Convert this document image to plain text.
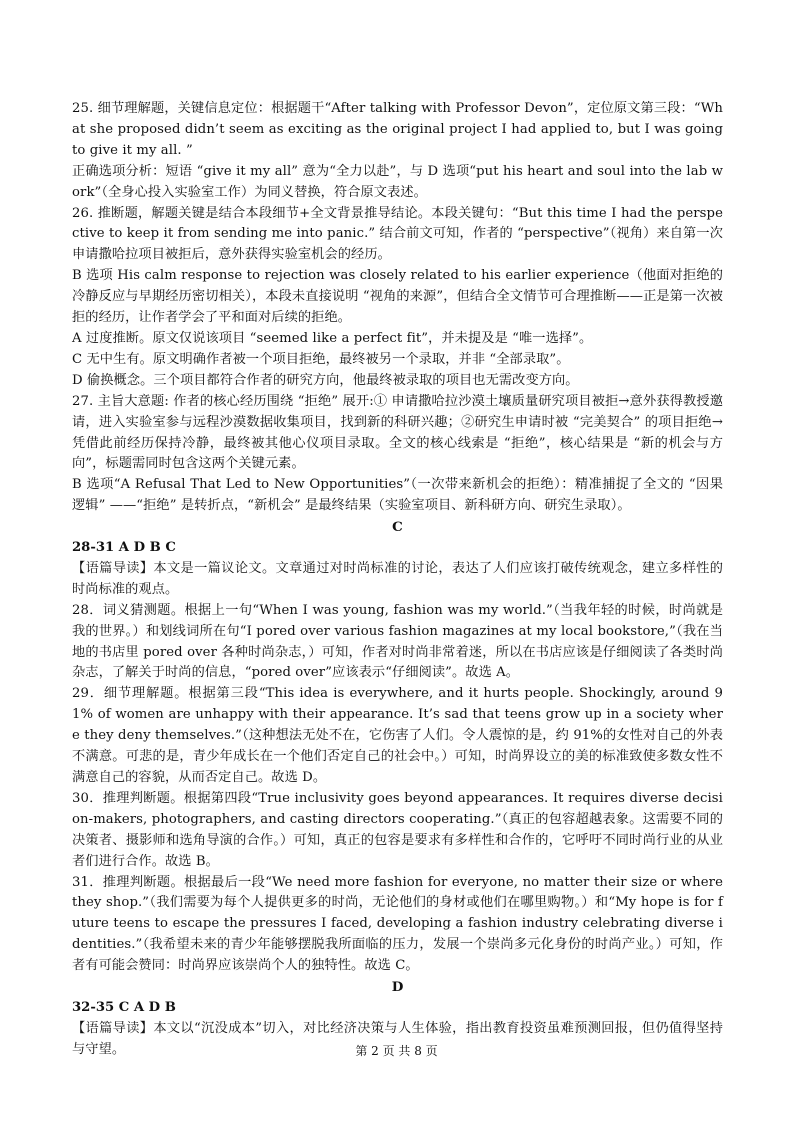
25. 细节理解题，关键信息定位：根据题干“After talking with Professor Devon”，定位原文第三段：“What she proposed didn’t seem as exciting as the original project I had applied to, but I was going to give it my all. ”

正确选项分析：短语 “give it my all” 意为“全力以赴”，与 D 选项“put his heart and soul into the lab work”（全身心投入实验室工作）为同义替换，符合原文表述。

26. 推断题，解题关键是结合本段细节+全文背景推导结论。本段关键句：“But this time I had the perspective to keep it from sending me into panic.” 结合前文可知，作者的 “perspective”（视角）来自第一次申请撒哈拉项目被拒后，意外获得实验室机会的经历。

B 选项 His calm response to rejection was closely related to his earlier experience（他面对拒绝的冷静反应与早期经历密切相关），本段未直接说明 “视角的来源”，但结合全文情节可合理推断——正是第一次被拒的经历，让作者学会了平和面对后续的拒绝。

A 过度推断。原文仅说该项目 “seemed like a perfect fit”，并未提及是 “唯一选择”。

C 无中生有。原文明确作者被一个项目拒绝，最终被另一个录取，并非 “全部录取”。

D 偷换概念。三个项目都符合作者的研究方向，他最终被录取的项目也无需改变方向。

27. 主旨大意题: 作者的核心经历围绕 “拒绝” 展开:① 申请撒哈拉沙漠土壤质量研究项目被拒→意外获得教授邀请，进入实验室参与远程沙漠数据收集项目，找到新的科研兴趣；②研究生申请时被 “完美契合” 的项目拒绝→凭借此前经历保持冷静，最终被其他心仪项目录取。全文的核心线索是 “拒绝”，核心结果是 “新的机会与方向”，标题需同时包含这两个关键元素。

B 选项“A Refusal That Led to New Opportunities”（一次带来新机会的拒绝）：精准捕捉了全文的 “因果逻辑” ——“拒绝” 是转折点，“新机会” 是最终结果（实验室项目、新科研方向、研究生录取）。

C

28-31 A D B C

【语篇导读】本文是一篇议论文。文章通过对时尚标准的讨论，表达了人们应该打破传统观念，建立多样性的时尚标准的观点。

28．词义猜测题。根据上一句“When I was young, fashion was my world.”（当我年轻的时候，时尚就是我的世界。）和划线词所在句“I pored over various fashion magazines at my local bookstore,”（我在当地的书店里 pored over 各种时尚杂志，）可知，作者对时尚非常着迷，所以在书店应该是仔细阅读了各类时尚杂志，了解关于时尚的信息，“pored over”应该表示“仔细阅读”。故选 A。

29．细节理解题。根据第三段“This idea is everywhere, and it hurts people. Shockingly, around 91% of women are unhappy with their appearance. It’s sad that teens grow up in a society where they deny themselves.”（这种想法无处不在，它伤害了人们。令人震惊的是，约 91%的女性对自己的外表不满意。可悲的是，青少年成长在一个他们否定自己的社会中。）可知，时尚界设立的美的标准致使多数女性不满意自己的容貌，从而否定自己。故选 D。

30．推理判断题。根据第四段“True inclusivity goes beyond appearances. It requires diverse decision-makers, photographers, and casting directors cooperating.”（真正的包容超越表象。这需要不同的决策者、摄影师和选角导演的合作。）可知，真正的包容是要求有多样性和合作的，它呼吁不同时尚行业的从业者们进行合作。故选 B。

31．推理判断题。根据最后一段“We need more fashion for everyone, no matter their size or where they shop.”（我们需要为每个人提供更多的时尚，无论他们的身材或他们在哪里购物。）和“My hope is for future teens to escape the pressures I faced, developing a fashion industry celebrating diverse identities.”（我希望未来的青少年能够摆脱我所面临的压力，发展一个崇尚多元化身份的时尚产业。）可知，作者有可能会赞同：时尚界应该崇尚个人的独特性。故选 C。

D

32-35 C A D B

【语篇导读】本文以“沉没成本”切入，对比经济决策与人生体验，指出教育投资虽难预测回报，但仍值得坚持与守望。	第 2 页 共 8 页
